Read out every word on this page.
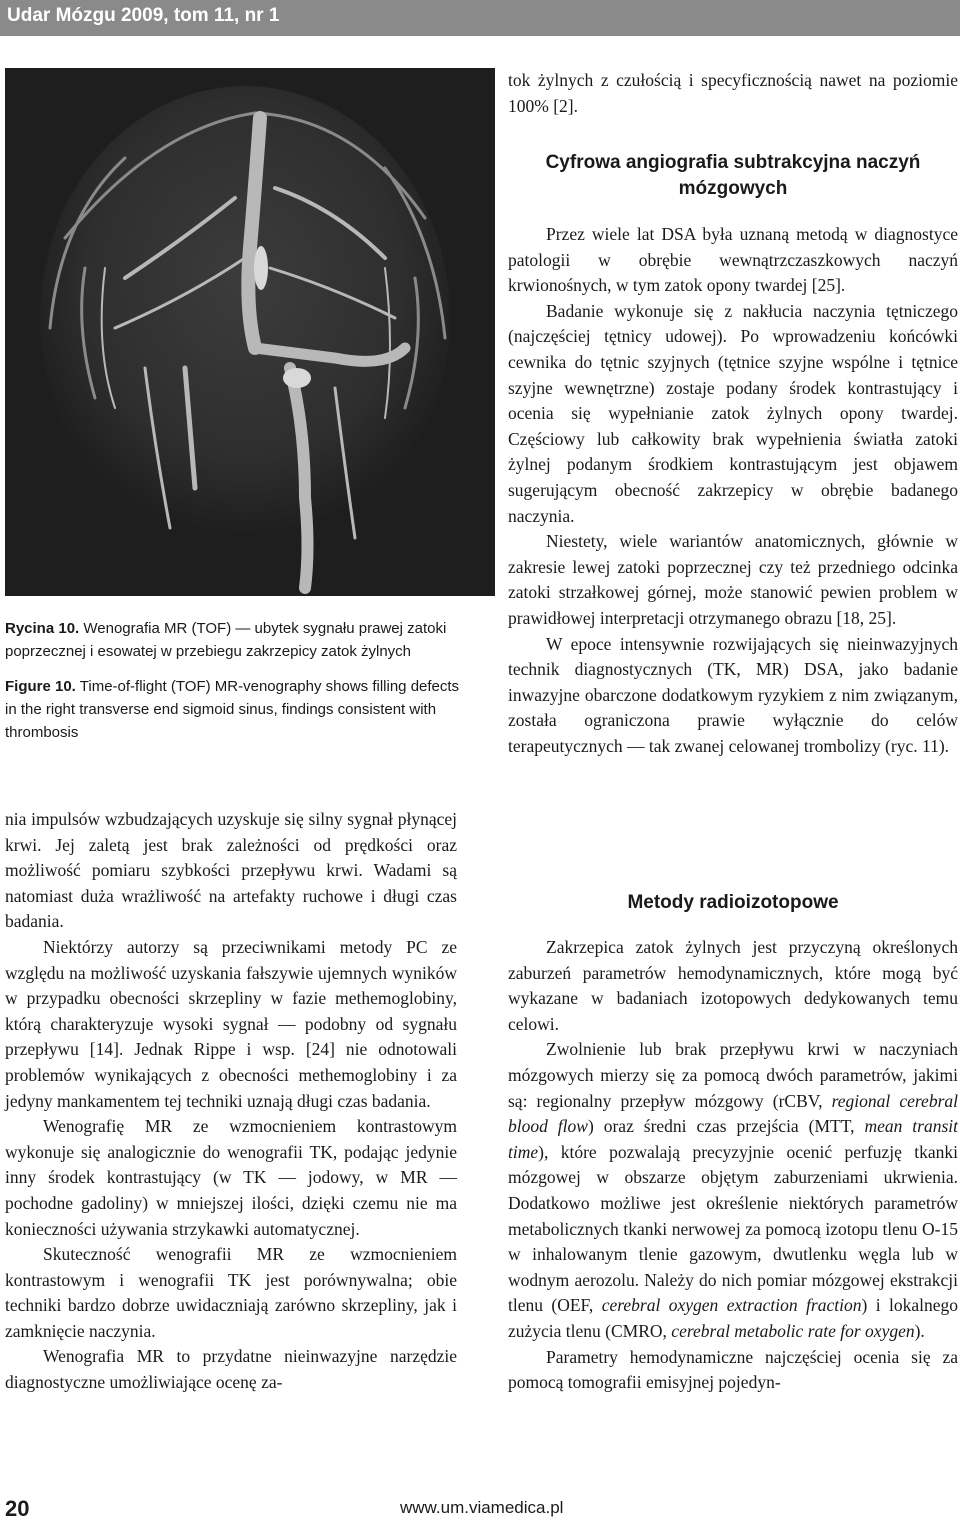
Udar Mózgu 2009, tom 11, nr 1

Rycina 10. Wenografia MR (TOF) — ubytek sygnału prawej zatoki poprzecznej i esowatej w przebiegu zakrzepicy zatok żylnych

Figure 10. Time-of-flight (TOF) MR-venography shows filling defects in the right transverse end sigmoid sinus, findings consistent with thrombosis

nia impulsów wzbudzających uzyskuje się silny sygnał płynącej krwi. Jej zaletą jest brak zależności od prędkości oraz możliwość pomiaru szybkości przepływu krwi. Wadami są natomiast duża wrażliwość na artefakty ruchowe i długi czas badania.

Niektórzy autorzy są przeciwnikami metody PC ze względu na możliwość uzyskania fałszywie ujemnych wyników w przypadku obecności skrzepliny w fazie methemoglobiny, którą charakteryzuje wysoki sygnał — podobny od sygnału przepływu [14]. Jednak Rippe i wsp. [24] nie odnotowali problemów wynikających z obecności methemoglobiny i za jedyny mankamentem tej techniki uznają długi czas badania.

Wenografię MR ze wzmocnieniem kontrastowym wykonuje się analogicznie do wenografii TK, podając jedynie inny środek kontrastujący (w TK — jodowy, w MR — pochodne gadoliny) w mniejszej ilości, dzięki czemu nie ma konieczności używania strzykawki automatycznej.

Skuteczność wenografii MR ze wzmocnieniem kontrastowym i wenografii TK jest porównywalna; obie techniki bardzo dobrze uwidaczniają zarówno skrzepliny, jak i zamknięcie naczynia.

Wenografia MR to przydatne nieinwazyjne narzędzie diagnostyczne umożliwiające ocenę za-

tok żylnych z czułością i specyficznością nawet na poziomie 100% [2].

Cyfrowa angiografia subtrakcyjna naczyń mózgowych

Przez wiele lat DSA była uznaną metodą w diagnostyce patologii w obrębie wewnątrzczaszkowych naczyń krwionośnych, w tym zatok opony twardej [25].

Badanie wykonuje się z nakłucia naczynia tętniczego (najczęściej tętnicy udowej). Po wprowadzeniu końcówki cewnika do tętnic szyjnych (tętnice szyjne wspólne i tętnice szyjne wewnętrzne) zostaje podany środek kontrastujący i ocenia się wypełnianie zatok żylnych opony twardej. Częściowy lub całkowity brak wypełnienia światła zatoki żylnej podanym środkiem kontrastującym jest objawem sugerującym obecność zakrzepicy w obrębie badanego naczynia.

Niestety, wiele wariantów anatomicznych, głównie w zakresie lewej zatoki poprzecznej czy też przedniego odcinka zatoki strzałkowej górnej, może stanowić pewien problem w prawidłowej interpretacji otrzymanego obrazu [18, 25].

W epoce intensywnie rozwijających się nieinwazyjnych technik diagnostycznych (TK, MR) DSA, jako badanie inwazyjne obarczone dodatkowym ryzykiem z nim związanym, została ograniczona prawie wyłącznie do celów terapeutycznych — tak zwanej celowanej trombolizy (ryc. 11).

Metody radioizotopowe

Zakrzepica zatok żylnych jest przyczyną określonych zaburzeń parametrów hemodynamicznych, które mogą być wykazane w badaniach izotopowych dedykowanych temu celowi.

Zwolnienie lub brak przepływu krwi w naczyniach mózgowych mierzy się za pomocą dwóch parametrów, jakimi są: regionalny przepływ mózgowy (rCBV, regional cerebral blood flow) oraz średni czas przejścia (MTT, mean transit time), które pozwalają precyzyjnie ocenić perfuzję tkanki mózgowej w obszarze objętym zaburzeniami ukrwienia. Dodatkowo możliwe jest określenie niektórych parametrów metabolicznych tkanki nerwowej za pomocą izotopu tlenu O-15 w inhalowanym tlenie gazowym, dwutlenku węgla lub w wodnym aerozolu. Należy do nich pomiar mózgowej ekstrakcji tlenu (OEF, cerebral oxygen extraction fraction) i lokalnego zużycia tlenu (CMRO, cerebral metabolic rate for oxygen).

Parametry hemodynamiczne najczęściej ocenia się za pomocą tomografii emisyjnej pojedyn-

20	www.um.viamedica.pl
